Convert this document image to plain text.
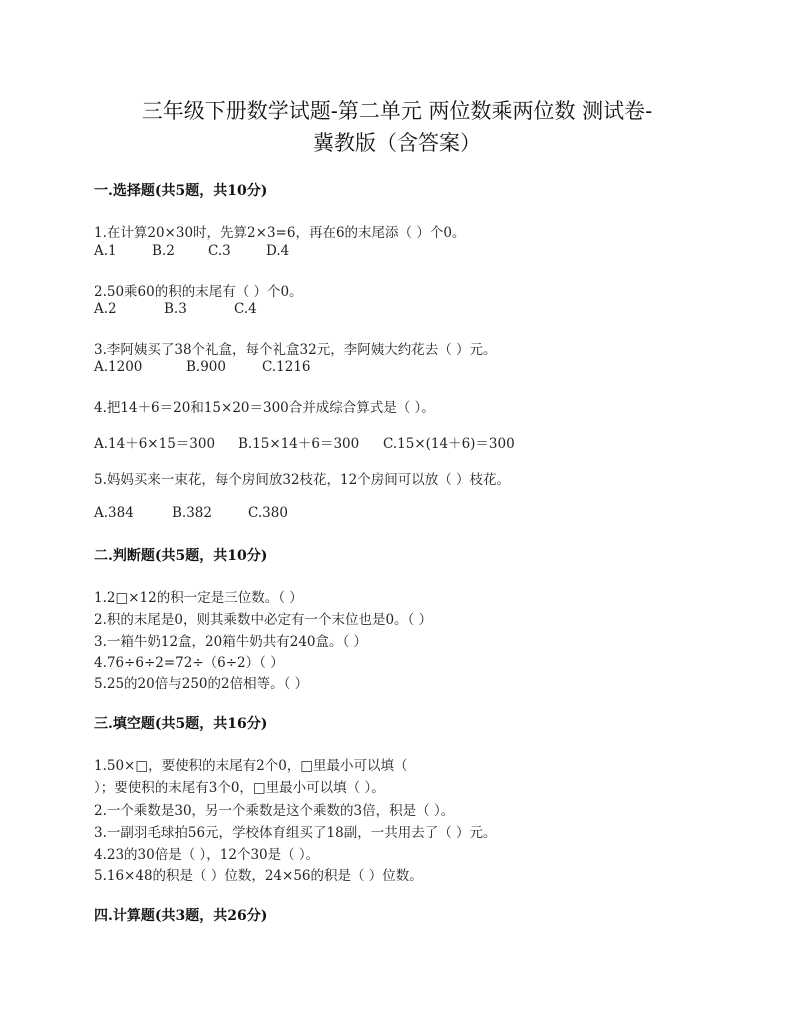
三年级下册数学试题-第二单元 两位数乘两位数 测试卷-
冀教版（含答案）
一.选择题(共5题，共10分)
1.在计算20×30时，先算2×3=6，再在6的末尾添（ ）个0。
A.1	B.2 C.3	D.4
2.50乘60的积的末尾有（ ）个0。
A.2	B.3	C.4
3.李阿姨买了38个礼盒，每个礼盒32元，李阿姨大约花去（ ）元。
A.1200	B.900	C.1216
4.把14＋6＝20和15×20＝300合并成综合算式是（ ）。
A.14＋6×15＝300 B.15×14＋6＝300 C.15×(14＋6)＝300
5.妈妈买来一束花，每个房间放32枝花，12个房间可以放（ ）枝花。
A.384	B.382	C.380
二.判断题(共5题，共10分)
1.2□×12的积一定是三位数。（ ）
2.积的末尾是0，则其乘数中必定有一个末位也是0。（ ）
3.一箱牛奶12盒，20箱牛奶共有240盒。（ ）
4.76÷6÷2=72÷（6÷2）（ ）
5.25的20倍与250的2倍相等。（ ）
三.填空题(共5题，共16分)
1.50×□，要使积的末尾有2个0，□里最小可以填（
）；要使积的末尾有3个0，□里最小可以填（ ）。
2.一个乘数是30，另一个乘数是这个乘数的3倍，积是（ ）。
3.一副羽毛球拍56元，学校体育组买了18副，一共用去了（ ）元。
4.23的30倍是（ ），12个30是（ ）。
5.16×48的积是（ ）位数，24×56的积是（ ）位数。
四.计算题(共3题，共26分)
